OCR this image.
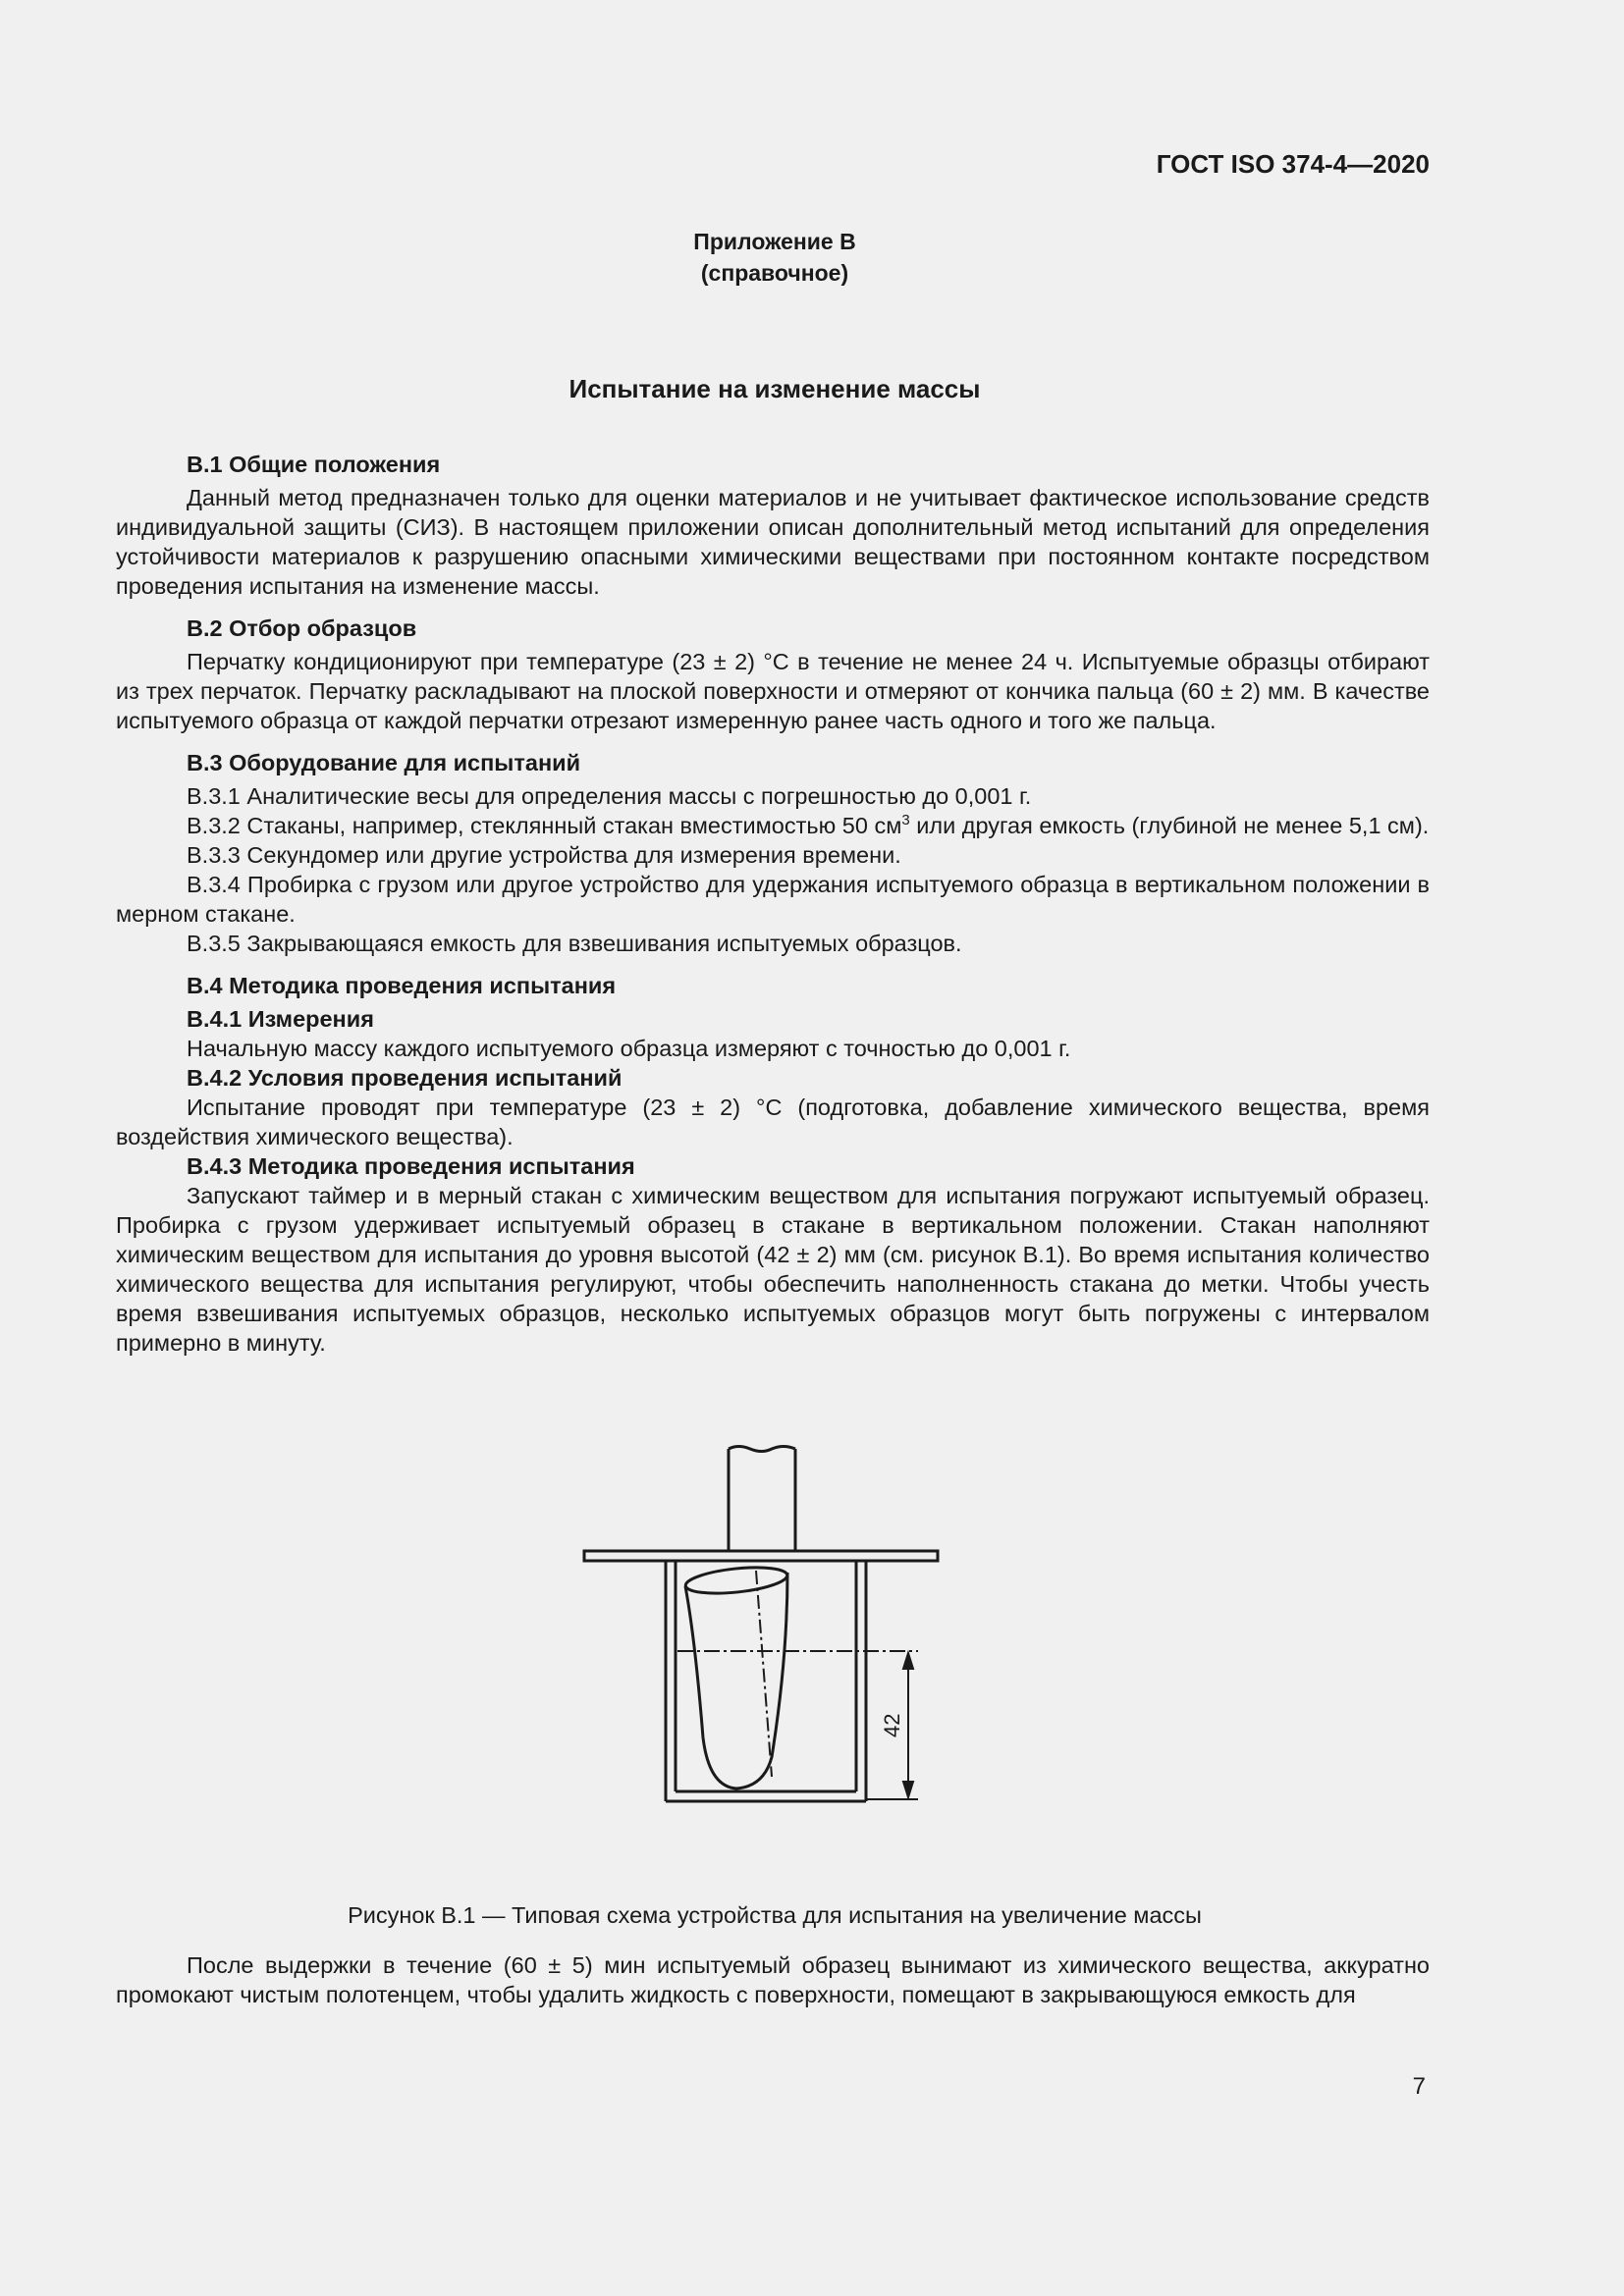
ГОСТ ISO 374-4—2020
Приложение В
(справочное)
Испытание на изменение массы
В.1 Общие положения

Данный метод предназначен только для оценки материалов и не учитывает фактическое использование средств индивидуальной защиты (СИЗ). В настоящем приложении описан дополнительный метод испытаний для определения устойчивости материалов к разрушению опасными химическими веществами при постоянном контакте посредством проведения испытания на изменение массы.

В.2 Отбор образцов

Перчатку кондиционируют при температуре (23 ± 2) °С в течение не менее 24 ч. Испытуемые образцы отбирают из трех перчаток. Перчатку раскладывают на плоской поверхности и отмеряют от кончика пальца (60 ± 2) мм. В качестве испытуемого образца от каждой перчатки отрезают измеренную ранее часть одного и того же пальца.

В.3 Оборудование для испытаний

В.3.1 Аналитические весы для определения массы с погрешностью до 0,001 г.

В.3.2 Стаканы, например, стеклянный стакан вместимостью 50 $см^3$ или другая емкость (глубиной не менее 5,1 см).

В.3.3 Секундомер или другие устройства для измерения времени.

В.3.4 Пробирка с грузом или другое устройство для удержания испытуемого образца в вертикальном положении в мерном стакане.

В.3.5 Закрывающаяся емкость для взвешивания испытуемых образцов.

В.4 Методика проведения испытания
В.4.1 Измерения

Начальную массу каждого испытуемого образца измеряют с точностью до 0,001 г.

В.4.2 Условия проведения испытаний

Испытание проводят при температуре (23 ± 2) °С (подготовка, добавление химического вещества, время воздействия химического вещества).

В.4.3 Методика проведения испытания

Запускают таймер и в мерный стакан с химическим веществом для испытания погружают испытуемый образец. Пробирка с грузом удерживает испытуемый образец в стакане в вертикальном положении. Стакан наполняют химическим веществом для испытания до уровня высотой (42 ± 2) мм (см. рисунок В.1). Во время испытания количество химического вещества для испытания регулируют, чтобы обеспечить наполненность стакана до метки. Чтобы учесть время взвешивания испытуемых образцов, несколько испытуемых образцов могут быть погружены с интервалом примерно в минуту.

42
Рисунок В.1 — Типовая схема устройства для испытания на увеличение массы

После выдержки в течение (60 ± 5) мин испытуемый образец вынимают из химического вещества, аккуратно промокают чистым полотенцем, чтобы удалить жидкость с поверхности, помещают в закрывающуюся емкость для

7
